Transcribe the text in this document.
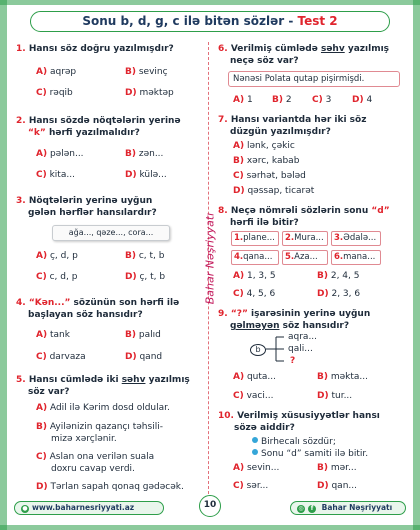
Sonu b, d, g, c ilə bitən sözlər - Test 2
Bahar Nəşriyyatı
1. Hansı söz doğru yazılmışdır?
A) aqrəp	B) sevinç
C) rəqib	D) məktəp
2. Hansı sözdə nöqtələrin yerinə
“k” hərfi yazılmalıdır?
A) pələn...	B) zən...
C) kita...	D) külə...
3. Nöqtələrin yerinə uyğun
gələn hərflər hansılardır?
ağa..., qəze..., cora...
A) ç, d, p	B) c, t, b
C) c, d, p	D) ç, t, b
4. “Kən...” sözünün son hərfi ilə
başlayan söz hansıdır?
A) tank	B) palıd
C) darvaza	D) qand
5. Hansı cümlədə iki səhv yazılmış
söz var?
A) Adil ilə Kərim dosd oldular.
B) Ayilənizin qazançı təhsili-
mizə xərçlənir.
C) Aslan ona verilən suala
doxru cavap verdi.
D) Tərlan sapah qonaq gədəcək.
6. Verilmiş cümlədə səhv yazılmış
neçə söz var?
Nənəsi Polata qutap pişirmişdi.
A) 1 B) 2 C) 3 D) 4
7. Hansı variantda hər iki söz
düzgün yazılmışdır?
A) lənk, çəkic
B) xərc, kabab
C) sərhət, bələd
D) qəssap, ticarət
8. Neçə nömrəli sözlərin sonu “d”
hərfi ilə bitir?
1.plane...	2.Mura...	3.Ədalə...
4.qana...	5.Aza...	6.mana...
A) 1, 3, 5	B) 2, 4, 5
C) 4, 5, 6	D) 2, 3, 6
9. “?” işarəsinin yerinə uyğun
gəlməyən söz hansıdır?
b
aqra...
qali...
?
A) quta...	B) məkta...
C) vaci...	D) tur...
10. Verilmiş xüsusiyyətlər hansı
sözə aiddir?
Birhecalı sözdür;
Sonu “d” samiti ilə bitir.
A) sevin...	B) mər...
C) sər...	D) qan...
● www.baharnesriyyati.az	10	◎ f Bahar Nəşriyyatı
